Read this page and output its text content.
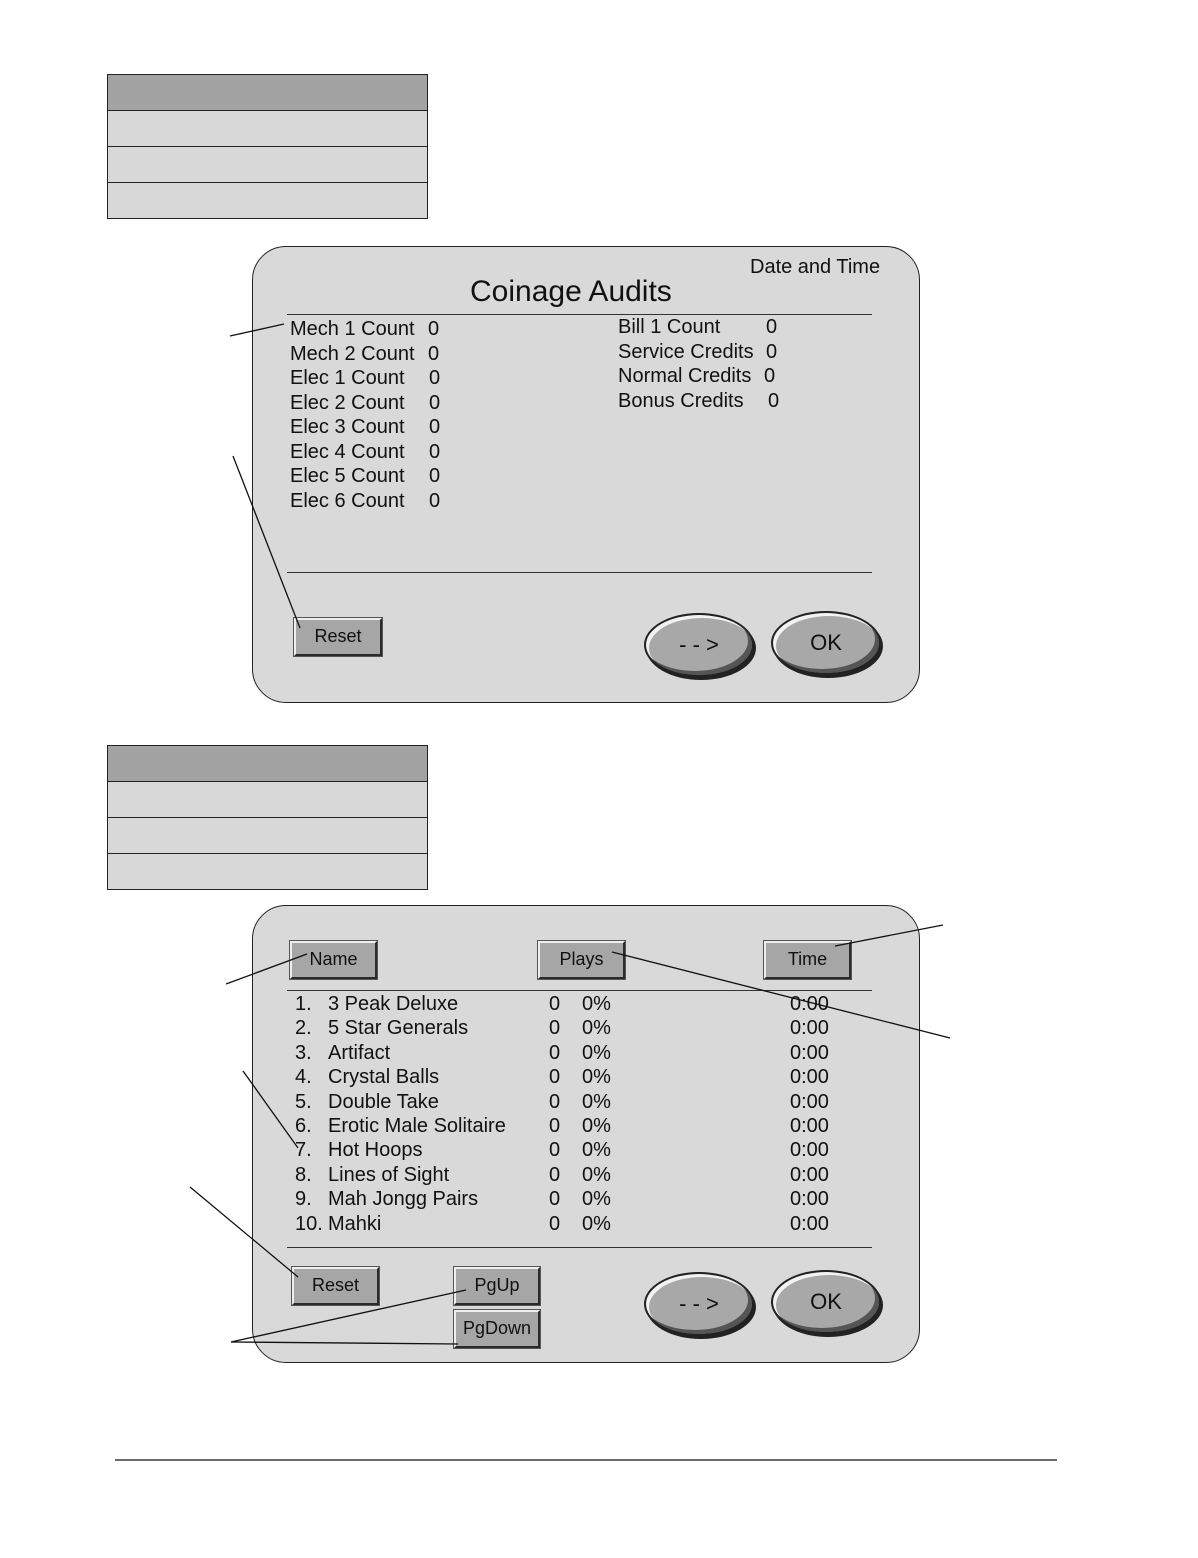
Date and Time
Coinage Audits
Mech 1 Count 0
Mech 2 Count 0
Elec 1 Count 0
Elec 2 Count 0
Elec 3 Count 0
Elec 4 Count 0
Elec 5 Count 0
Elec 6 Count 0
Bill 1 Count 0
Service Credits 0
Normal Credits 0
Bonus Credits 0
Reset	- - >	OK
Name	Plays	Time
1. 3 Peak Deluxe	0 0%	0:00
2. 5 Star Generals	0 0%	0:00
3. Artifact	0 0%	0:00
4. Crystal Balls	0 0%	0:00
5. Double Take	0 0%	0:00
6. Erotic Male Solitaire 0 0%	0:00
7. Hot Hoops	0 0%	0:00
8. Lines of Sight	0 0%	0:00
9. Mah Jongg Pairs	0 0%	0:00
10. Mahki	0 0%	0:00
Reset	PgUp
PgDown
- - >	OK
